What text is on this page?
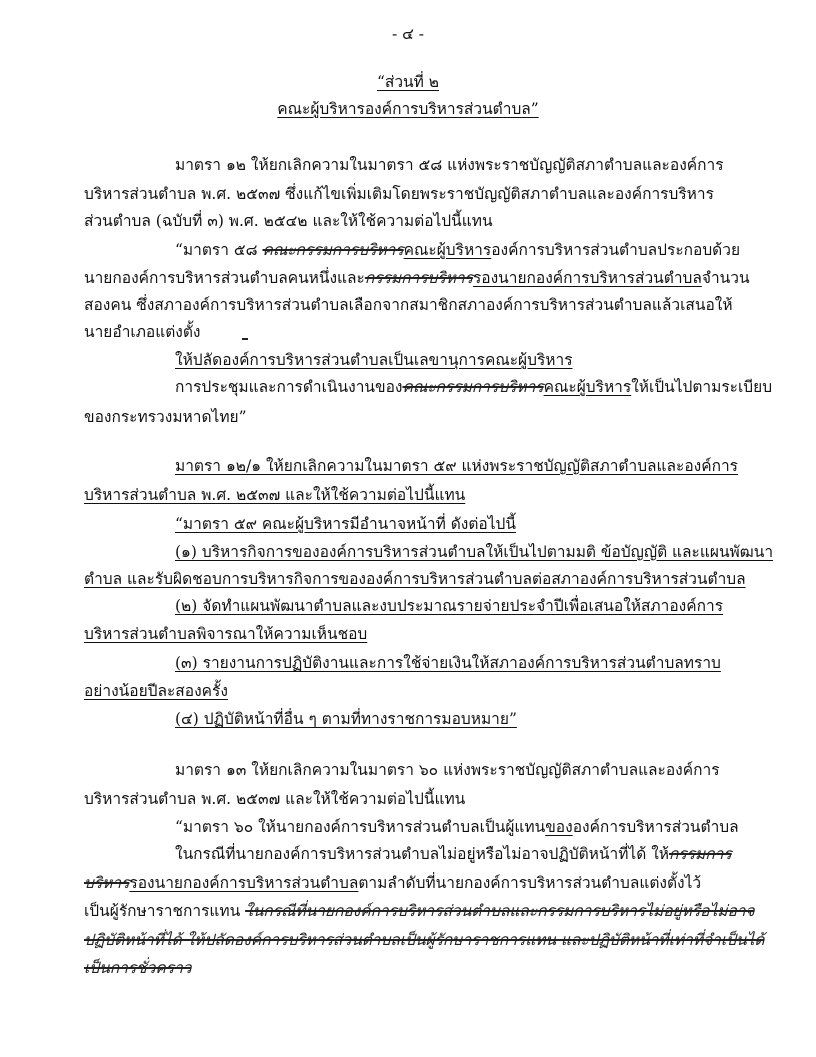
- ๔ -
“ส่วนที่ ๒
คณะผู้บริหารองค์การบริหารส่วนตำบล”
มาตรา ๑๒ ให้ยกเลิกความในมาตรา ๕๘ แห่งพระราชบัญญัติสภาตำบลและองค์การ
บริหารส่วนตำบล พ.ศ. ๒๕๓๗ ซึ่งแก้ไขเพิ่มเติมโดยพระราชบัญญัติสภาตำบลและองค์การบริหาร
ส่วนตำบล (ฉบับที่ ๓) พ.ศ. ๒๕๔๒ และให้ใช้ความต่อไปนี้แทน
“มาตรา ๕๘ คณะกรรมการบริหารคณะผู้บริหารองค์การบริหารส่วนตำบลประกอบด้วย
นายกองค์การบริหารส่วนตำบลคนหนึ่งและกรรมการบริหารรองนายกองค์การบริหารส่วนตำบลจำนวน
สองคน ซึ่งสภาองค์การบริหารส่วนตำบลเลือกจากสมาชิกสภาองค์การบริหารส่วนตำบลแล้วเสนอให้
นายอำเภอแต่งตั้ง
ให้ปลัดองค์การบริหารส่วนตำบลเป็นเลขานุการคณะผู้บริหาร
การประชุมและการดำเนินงานของคณะกรรมการบริหารคณะผู้บริหารให้เป็นไปตามระเบียบ
ของกระทรวงมหาดไทย”
มาตรา ๑๒/๑ ให้ยกเลิกความในมาตรา ๕๙ แห่งพระราชบัญญัติสภาตำบลและองค์การ
บริหารส่วนตำบล พ.ศ. ๒๕๓๗ และให้ใช้ความต่อไปนี้แทน
“มาตรา ๕๙ คณะผู้บริหารมีอำนาจหน้าที่ ดังต่อไปนี้
(๑) บริหารกิจการขององค์การบริหารส่วนตำบลให้เป็นไปตามมติ ข้อบัญญัติ และแผนพัฒนา
ตำบล และรับผิดชอบการบริหารกิจการขององค์การบริหารส่วนตำบลต่อสภาองค์การบริหารส่วนตำบล
(๒) จัดทำแผนพัฒนาตำบลและงบประมาณรายจ่ายประจำปีเพื่อเสนอให้สภาองค์การ
บริหารส่วนตำบลพิจารณาให้ความเห็นชอบ
(๓) รายงานการปฏิบัติงานและการใช้จ่ายเงินให้สภาองค์การบริหารส่วนตำบลทราบ
อย่างน้อยปีละสองครั้ง
(๔) ปฏิบัติหน้าที่อื่น ๆ ตามที่ทางราชการมอบหมาย”
มาตรา ๑๓ ให้ยกเลิกความในมาตรา ๖๐ แห่งพระราชบัญญัติสภาตำบลและองค์การ
บริหารส่วนตำบล พ.ศ. ๒๕๓๗ และให้ใช้ความต่อไปนี้แทน
“มาตรา ๖๐ ให้นายกองค์การบริหารส่วนตำบลเป็นผู้แทนขององค์การบริหารส่วนตำบล
ในกรณีที่นายกองค์การบริหารส่วนตำบลไม่อยู่หรือไม่อาจปฏิบัติหน้าที่ได้ ให้กรรมการ
บริหารรองนายกองค์การบริหารส่วนตำบลตามลำดับที่นายกองค์การบริหารส่วนตำบลแต่งตั้งไว้
เป็นผู้รักษาราชการแทน ในกรณีที่นายกองค์การบริหารส่วนตำบลและกรรมการบริหารไม่อยู่หรือไม่อาจ
ปฏิบัติหน้าที่ได้ ให้ปลัดองค์การบริหารส่วนตำบลเป็นผู้รักษาราชการแทน และปฏิบัติหน้าที่เท่าที่จำเป็นได้
เป็นการชั่วคราว
